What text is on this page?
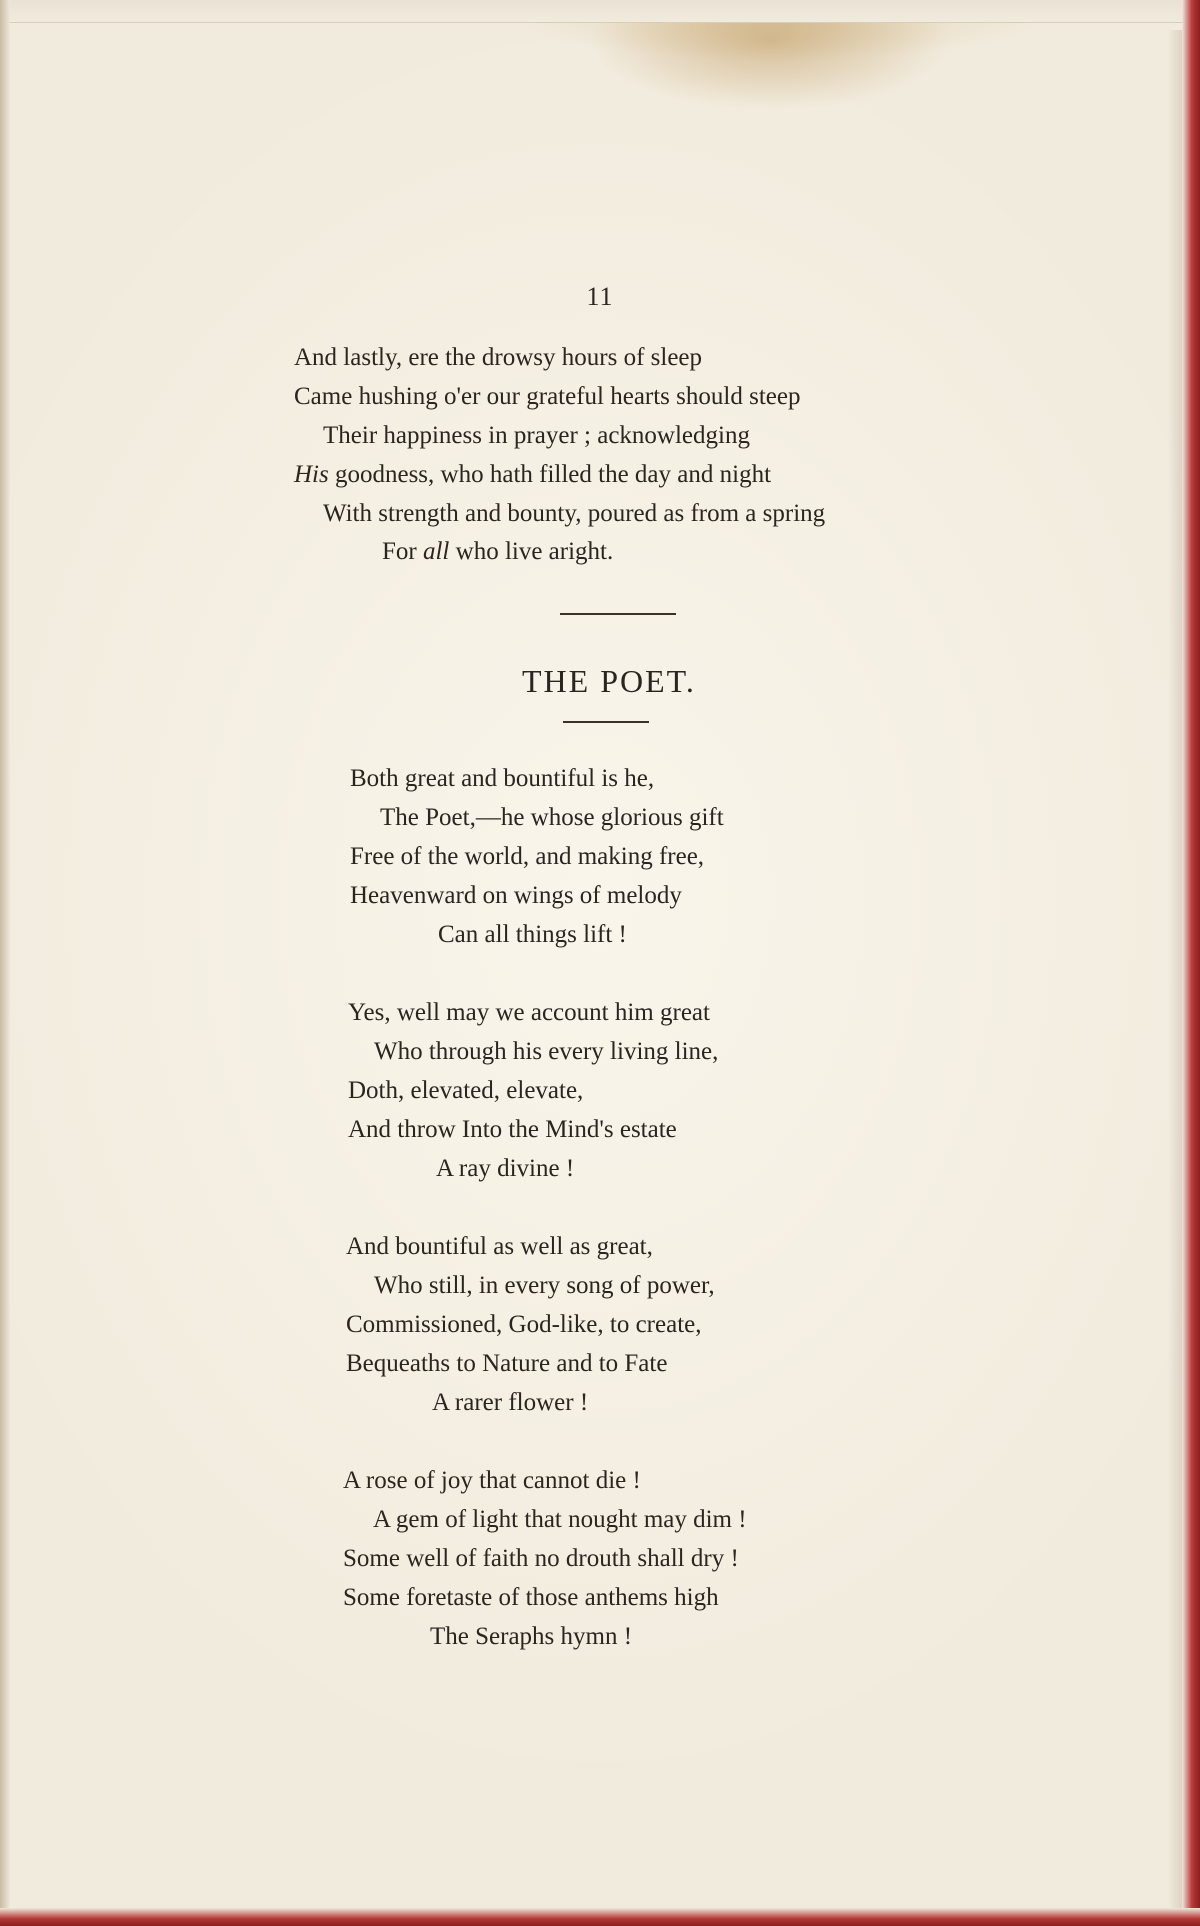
11
And lastly, ere the drowsy hours of sleep
Came hushing o'er our grateful hearts should steep
Their happiness in prayer ; acknowledging
His goodness, who hath filled the day and night
With strength and bounty, poured as from a spring
For all who live aright.
THE POET.
Both great and bountiful is he,
The Poet,—he whose glorious gift
Free of the world, and making free,
Heavenward on wings of melody
Can all things lift !
Yes, well may we account him great
Who through his every living line,
Doth, elevated, elevate,
And throw Into the Mind's estate
A ray divine !
And bountiful as well as great,
Who still, in every song of power,
Commissioned, God-like, to create,
Bequeaths to Nature and to Fate
A rarer flower !
A rose of joy that cannot die !
A gem of light that nought may dim !
Some well of faith no drouth shall dry !
Some foretaste of those anthems high
The Seraphs hymn !
